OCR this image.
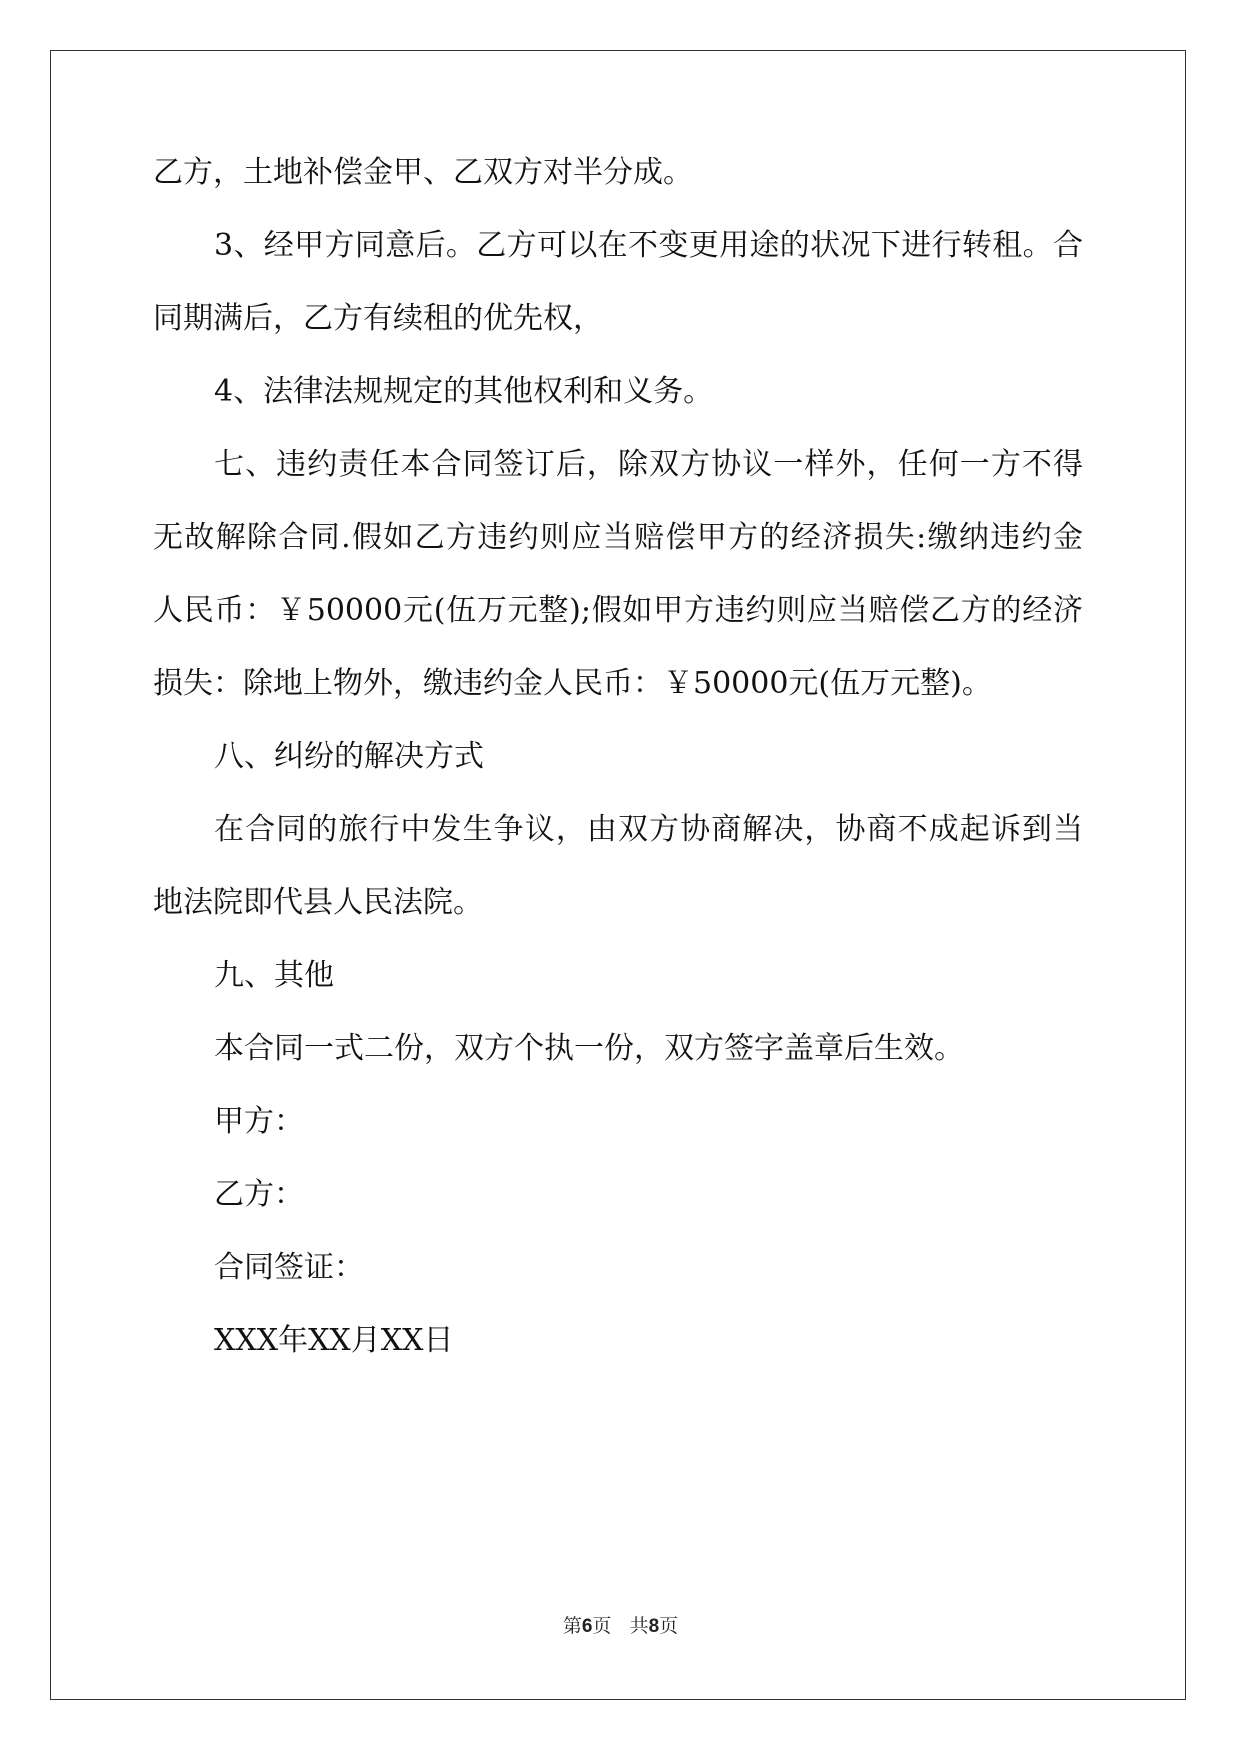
乙方，土地补偿金甲、乙双方对半分成。

3、经甲方同意后。乙方可以在不变更用途的状况下进行转租。合

同期满后，乙方有续租的优先权，

4、法律法规规定的其他权利和义务。

七、违约责任本合同签订后，除双方协议一样外，任何一方不得

无故解除合同.假如乙方违约则应当赔偿甲方的经济损失:缴纳违约金

人民币：￥50000元(伍万元整);假如甲方违约则应当赔偿乙方的经济

损失：除地上物外，缴违约金人民币：￥50000元(伍万元整)。

八、纠纷的解决方式

在合同的旅行中发生争议，由双方协商解决，协商不成起诉到当

地法院即代县人民法院。

九、其他

本合同一式二份，双方个执一份，双方签字盖章后生效。

甲方：

乙方：

合同签证：

XXX年XX月XX日

第6页 共8页
